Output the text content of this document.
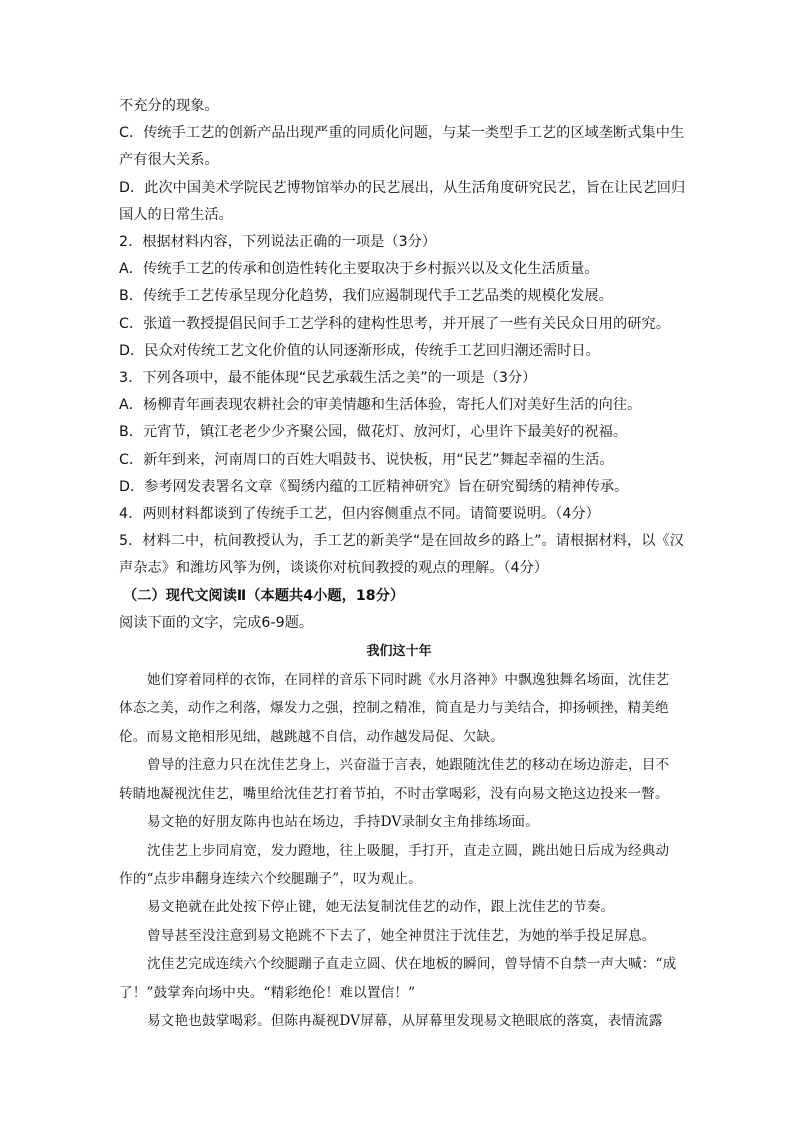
不充分的现象。
C．传统手工艺的创新产品出现严重的同质化问题，与某一类型手工艺的区域垄断式集中生
产有很大关系。
D．此次中国美术学院民艺博物馆举办的民艺展出，从生活角度研究民艺，旨在让民艺回归
国人的日常生活。
2．根据材料内容，下列说法正确的一项是（3分）
A．传统手工艺的传承和创造性转化主要取决于乡村振兴以及文化生活质量。
B．传统手工艺传承呈现分化趋势，我们应遏制现代手工艺品类的规模化发展。
C．张道一教授提倡民间手工艺学科的建构性思考，并开展了一些有关民众日用的研究。
D．民众对传统工艺文化价值的认同逐渐形成，传统手工艺回归潮还需时日。
3．下列各项中，最不能体现“民艺承载生活之美”的一项是（3分）
A．杨柳青年画表现农耕社会的审美情趣和生活体验，寄托人们对美好生活的向往。
B．元宵节，镇江老老少少齐聚公园，做花灯、放河灯，心里许下最美好的祝福。
C．新年到来，河南周口的百姓大唱鼓书、说快板，用“民艺”舞起幸福的生活。
D．参考网发表署名文章《蜀绣内蕴的工匠精神研究》旨在研究蜀绣的精神传承。
4．两则材料都谈到了传统手工艺，但内容侧重点不同。请简要说明。（4分）
5．材料二中，杭间教授认为，手工艺的新美学“是在回故乡的路上”。请根据材料，以《汉
声杂志》和潍坊风筝为例，谈谈你对杭间教授的观点的理解。（4分）
（二）现代文阅读Ⅱ（本题共4小题，18分）
阅读下面的文字，完成6-9题。
我们这十年
她们穿着同样的衣饰，在同样的音乐下同时跳《水月洛神》中飘逸独舞名场面，沈佳艺
体态之美，动作之利落，爆发力之强，控制之精准，简直是力与美结合，抑扬顿挫，精美绝
伦。而易文艳相形见绌，越跳越不自信，动作越发局促、欠缺。
曾导的注意力只在沈佳艺身上，兴奋溢于言表，她跟随沈佳艺的移动在场边游走，目不
转睛地凝视沈佳艺，嘴里给沈佳艺打着节拍，不时击掌喝彩，没有向易文艳这边投来一瞥。
易文艳的好朋友陈冉也站在场边，手持DV录制女主角排练场面。
沈佳艺上步同肩宽，发力蹬地，往上吸腿，手打开，直走立圆，跳出她日后成为经典动
作的“点步串翻身连续六个绞腿蹦子”，叹为观止。
易文艳就在此处按下停止键，她无法复制沈佳艺的动作，跟上沈佳艺的节奏。
曾导甚至没注意到易文艳跳不下去了，她全神贯注于沈佳艺，为她的举手投足屏息。
沈佳艺完成连续六个绞腿蹦子直走立圆、伏在地板的瞬间，曾导情不自禁一声大喊：“成
了！”鼓掌奔向场中央。“精彩绝伦！难以置信！”
易文艳也鼓掌喝彩。但陈冉凝视DV屏幕，从屏幕里发现易文艳眼底的落寞，表情流露
